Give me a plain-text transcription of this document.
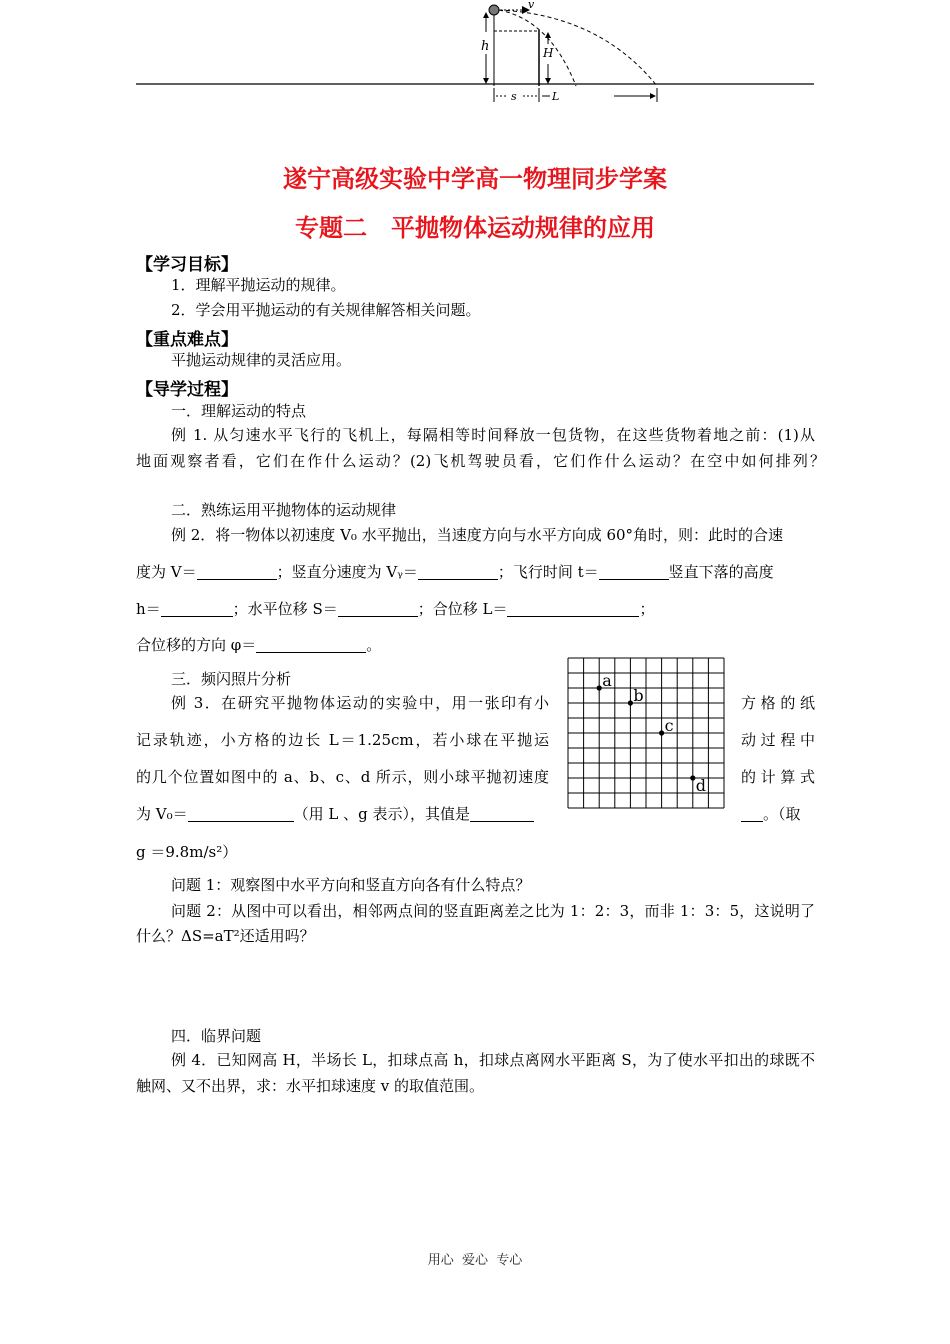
v
h	H
s	L
遂宁高级实验中学高一物理同步学案
专题二　平抛物体运动规律的应用
【学习目标】
1．理解平抛运动的规律。
2．学会用平抛运动的有关规律解答相关问题。
【重点难点】
平抛运动规律的灵活应用。
【导学过程】
一．理解运动的特点
例 1. 从匀速水平飞行的飞机上，每隔相等时间释放一包货物，在这些货物着地之前：(1)从
地面观察者看，它们在作什么运动？(2)飞机驾驶员看，它们作什么运动？在空中如何排列？
二．熟练运用平抛物体的运动规律
例 2．将一物体以初速度 V₀ 水平抛出，当速度方向与水平方向成 60°角时，则：此时的合速
度为 V＝	；竖直分速度为 Vᵧ＝	；飞行时间 t＝	竖直下落的高度
h＝	；水平位移 S＝	；合位移 L＝	；
合位移的方向 φ＝	。
三．频闪照片分析
例 3．在研究平抛物体运动的实验中，用一张印有小	方格的纸
记录轨迹，小方格的边长 L＝1.25cm，若小球在平抛运	动过程中
的几个位置如图中的 a、b、c、d 所示，则小球平抛初速度	的计算式
为 V₀＝	（用 L 、g 表示），其值是	。（取
g ＝9.8m/s²）
a
b
c
d
问题 1：观察图中水平方向和竖直方向各有什么特点？
问题 2：从图中可以看出，相邻两点间的竖直距离差之比为 1：2：3，而非 1：3：5，这说明了
什么？ΔS=aT²还适用吗？
四．临界问题
例 4．已知网高 H，半场长 L，扣球点高 h，扣球点离网水平距离 S，为了使水平扣出的球既不
触网、又不出界，求：水平扣球速度 v 的取值范围。
用心  爱心  专心
